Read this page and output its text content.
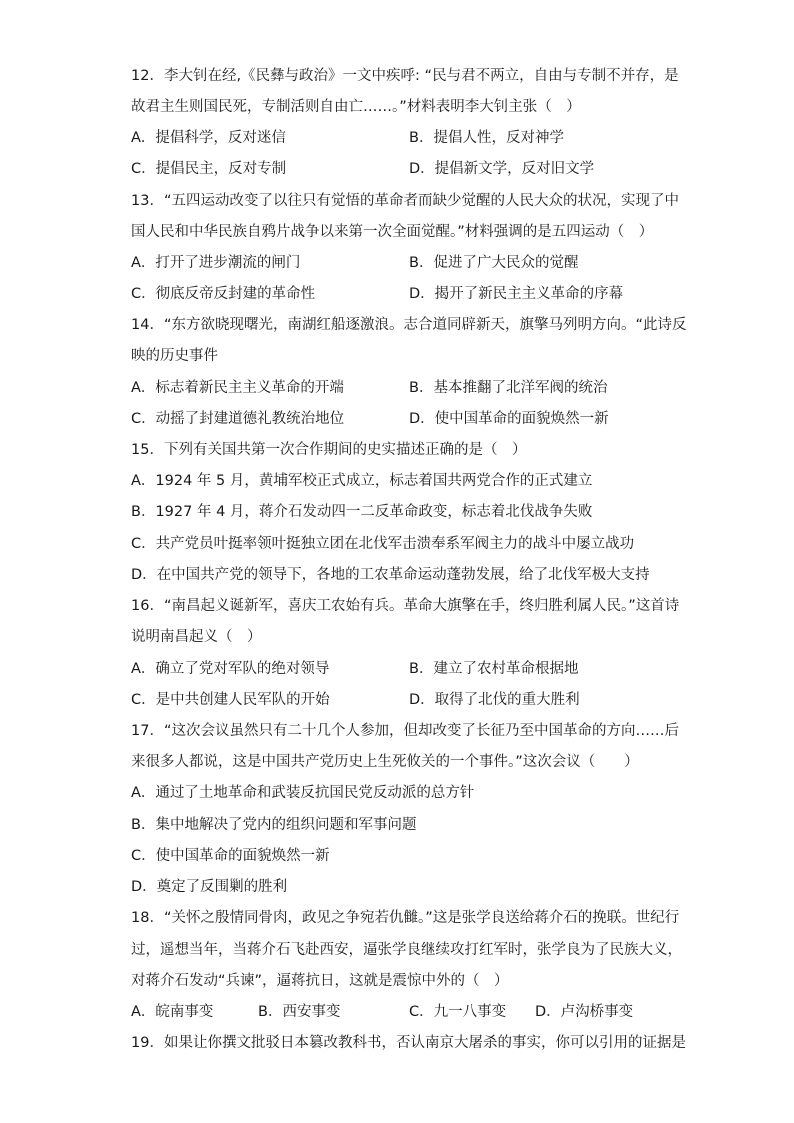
12．李大钊在经,《民彝与政治》一文中疾呼: “民与君不两立，自由与专制不并存，是
故君主生则国民死，专制活则自由亡……。”材料表明李大钊主张（　）
A．提倡科学，反对迷信	B．提倡人性，反对神学
C．提倡民主，反对专制	D．提倡新文学，反对旧文学
13．“五四运动改变了以往只有觉悟的革命者而缺少觉醒的人民大众的状况，实现了中
国人民和中华民族自鸦片战争以来第一次全面觉醒。”材料强调的是五四运动（　）
A．打开了进步潮流的闸门	B．促进了广大民众的觉醒
C．彻底反帝反封建的革命性	D．揭开了新民主主义革命的序幕
14．“东方欲晓现曙光，南湖红船逐激浪。志合道同辟新天，旗擎马列明方向。“此诗反
映的历史事件
A．标志着新民主主义革命的开端	B．基本推翻了北洋军阀的统治
C．动摇了封建道德礼教统治地位	D．使中国革命的面貌焕然一新
15．下列有关国共第一次合作期间的史实描述正确的是（　）
A．1924 年 5 月，黄埔军校正式成立，标志着国共两党合作的正式建立
B．1927 年 4 月，蒋介石发动四一二反革命政变，标志着北伐战争失败
C．共产党员叶挺率领叶挺独立团在北伐军击溃奉系军阀主力的战斗中屡立战功
D．在中国共产党的领导下，各地的工农革命运动蓬勃发展，给了北伐军极大支持
16．“南昌起义诞新军，喜庆工农始有兵。革命大旗擎在手，终归胜利属人民。”这首诗
说明南昌起义（　）
A．确立了党对军队的绝对领导	B．建立了农村革命根据地
C．是中共创建人民军队的开始	D．取得了北伐的重大胜利
17．“这次会议虽然只有二十几个人参加，但却改变了长征乃至中国革命的方向……后
来很多人都说，这是中国共产党历史上生死攸关的一个事件。”这次会议（　　）
A．通过了土地革命和武装反抗国民党反动派的总方针
B．集中地解决了党内的组织问题和军事问题
C．使中国革命的面貌焕然一新
D．奠定了反围剿的胜利
18．“关怀之殷情同骨肉，政见之争宛若仇雠。”这是张学良送给蒋介石的挽联。世纪行
过，遥想当年，当蒋介石飞赴西安，逼张学良继续攻打红军时，张学良为了民族大义，
对蒋介石发动“兵谏”，逼蒋抗日，这就是震惊中外的（　）
A．皖南事变	B．西安事变	C．九一八事变 D．卢沟桥事变
19．如果让你撰文批驳日本篡改教科书，否认南京大屠杀的事实，你可以引用的证据是
